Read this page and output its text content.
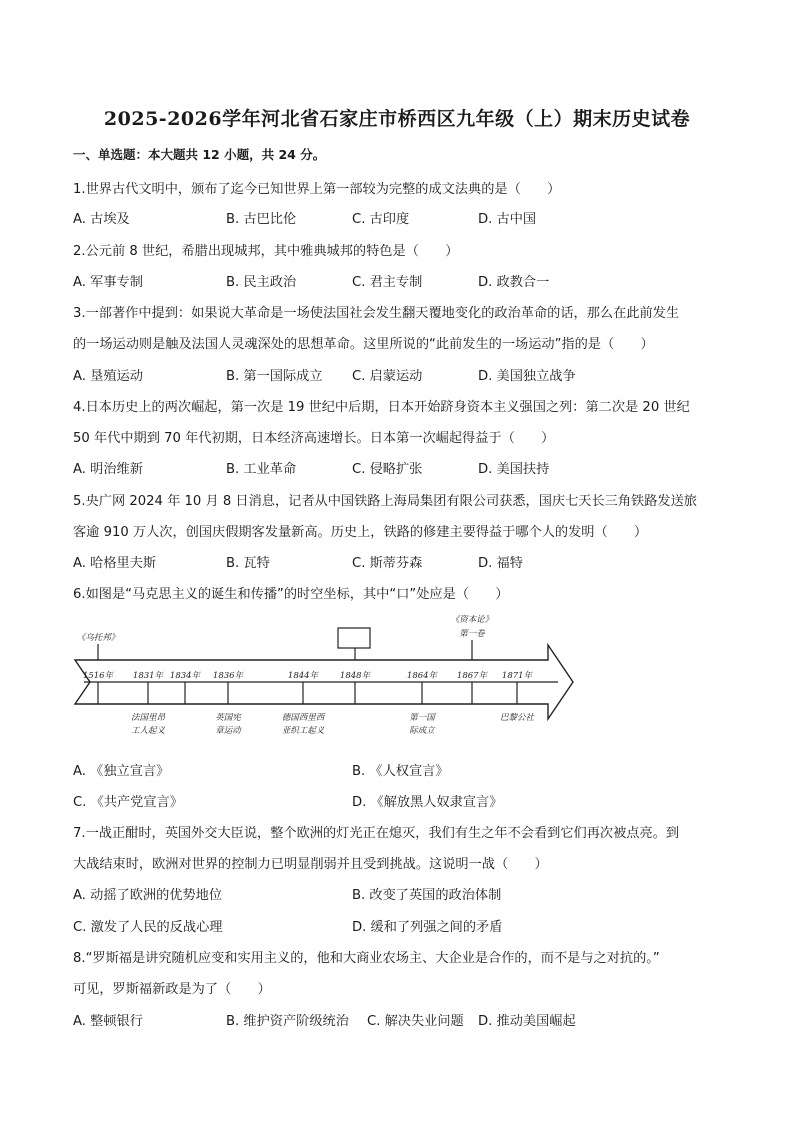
2025-2026学年河北省石家庄市桥西区九年级（上）期末历史试卷
一、单选题：本大题共 12 小题，共 24 分。
1.世界古代文明中，颁布了迄今已知世界上第一部较为完整的成文法典的是（　　）
A. 古埃及	B. 古巴比伦	C. 古印度	D. 古中国
2.公元前 8 世纪，希腊出现城邦，其中雅典城邦的特色是（　　）
A. 军事专制	B. 民主政治	C. 君主专制	D. 政教合一
3.一部著作中提到：如果说大革命是一场使法国社会发生翻天覆地变化的政治革命的话，那么在此前发生
的一场运动则是触及法国人灵魂深处的思想革命。这里所说的“此前发生的一场运动”指的是（　　）
A. 垦殖运动	B. 第一国际成立 C. 启蒙运动	D. 美国独立战争
4.日本历史上的两次崛起，第一次是 19 世纪中后期，日本开始跻身资本主义强国之列：第二次是 20 世纪
50 年代中期到 70 年代初期，日本经济高速增长。日本第一次崛起得益于（　　）
A. 明治维新	B. 工业革命	C. 侵略扩张	D. 美国扶持
5.央广网 2024 年 10 月 8 日消息，记者从中国铁路上海局集团有限公司获悉，国庆七天长三角铁路发送旅
客逾 910 万人次，创国庆假期客发量新高。历史上，铁路的修建主要得益于哪个人的发明（　　）
A. 哈格里夫斯	B. 瓦特	C. 斯蒂芬森	D. 福特
6.如图是“马克思主义的诞生和传播”的时空坐标，其中“口”处应是（　　）
1516年 1831年 1834年 1836年	1844年	1848年	1864年 1867年 1871年
《乌托邦》
《资本论》
第一卷
法国里昂
工人起义
英国宪
章运动
德国西里西
亚织工起义
第一国
际成立
巴黎公社
A. 《独立宣言》	B. 《人权宣言》
C. 《共产党宣言》	D. 《解放黑人奴隶宣言》
7.一战正酣时，英国外交大臣说，整个欧洲的灯光正在熄灭，我们有生之年不会看到它们再次被点亮。到
大战结束时，欧洲对世界的控制力已明显削弱并且受到挑战。这说明一战（　　）
A. 动摇了欧洲的优势地位	B. 改变了英国的政治体制
C. 激发了人民的反战心理	D. 缓和了列强之间的矛盾
8.“罗斯福是讲究随机应变和实用主义的，他和大商业农场主、大企业是合作的，而不是与之对抗的。”
可见，罗斯福新政是为了（　　）
A. 整顿银行	B. 维护资产阶级统治 C. 解决失业问题 D. 推动美国崛起
